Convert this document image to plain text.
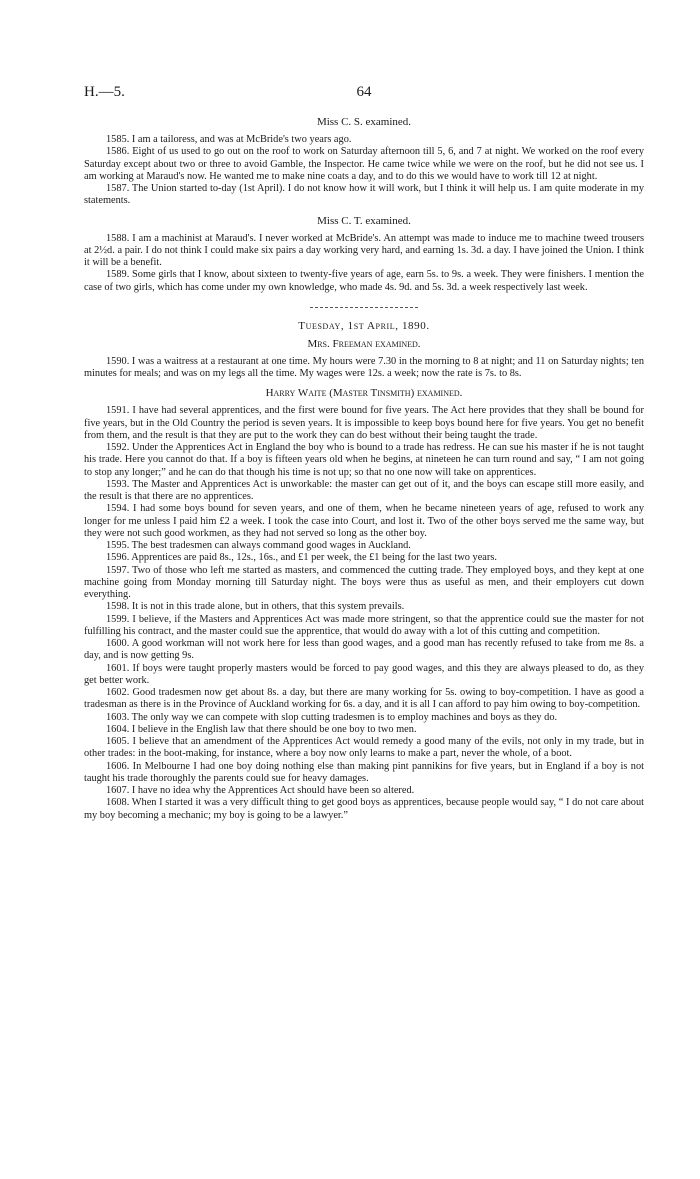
H.—5.	64
Miss C. S. examined.

1585. I am a tailoress, and was at McBride's two years ago.

1586. Eight of us used to go out on the roof to work on Saturday afternoon till 5, 6, and 7 at night. We worked on the roof every Saturday except about two or three to avoid Gamble, the Inspector. He came twice while we were on the roof, but he did not see us. I am working at Maraud's now. He wanted me to make nine coats a day, and to do this we would have to work till 12 at night.

1587. The Union started to-day (1st April). I do not know how it will work, but I think it will help us. I am quite moderate in my statements.

Miss C. T. examined.

1588. I am a machinist at Maraud's. I never worked at McBride's. An attempt was made to induce me to machine tweed trousers at 2½d. a pair. I do not think I could make six pairs a day working very hard, and earning 1s. 3d. a day. I have joined the Union. I think it will be a benefit.

1589. Some girls that I know, about sixteen to twenty-five years of age, earn 5s. to 9s. a week. They were finishers. I mention the case of two girls, which has come under my own knowledge, who made 4s. 9d. and 5s. 3d. a week respectively last week.

Tuesday, 1st April, 1890.
Mrs. Freeman examined.

1590. I was a waitress at a restaurant at one time. My hours were 7.30 in the morning to 8 at night; and 11 on Saturday nights; ten minutes for meals; and was on my legs all the time. My wages were 12s. a week; now the rate is 7s. to 8s.

Harry Waite (Master Tinsmith) examined.

1591. I have had several apprentices, and the first were bound for five years. The Act here provides that they shall be bound for five years, but in the Old Country the period is seven years. It is impossible to keep boys bound here for five years. You get no benefit from them, and the result is that they are put to the work they can do best without their being taught the trade.

1592. Under the Apprentices Act in England the boy who is bound to a trade has redress. He can sue his master if he is not taught his trade. Here you cannot do that. If a boy is fifteen years old when he begins, at nineteen he can turn round and say, “ I am not going to stop any longer;” and he can do that though his time is not up; so that no one now will take on apprentices.

1593. The Master and Apprentices Act is unworkable: the master can get out of it, and the boys can escape still more easily, and the result is that there are no apprentices.

1594. I had some boys bound for seven years, and one of them, when he became nineteen years of age, refused to work any longer for me unless I paid him £2 a week. I took the case into Court, and lost it. Two of the other boys served me the same way, but they were not such good workmen, as they had not served so long as the other boy.

1595. The best tradesmen can always command good wages in Auckland.

1596. Apprentices are paid 8s., 12s., 16s., and £1 per week, the £1 being for the last two years.

1597. Two of those who left me started as masters, and commenced the cutting trade. They employed boys, and they kept at one machine going from Monday morning till Saturday night. The boys were thus as useful as men, and their employers cut down everything.

1598. It is not in this trade alone, but in others, that this system prevails.

1599. I believe, if the Masters and Apprentices Act was made more stringent, so that the apprentice could sue the master for not fulfilling his contract, and the master could sue the apprentice, that would do away with a lot of this cutting and competition.

1600. A good workman will not work here for less than good wages, and a good man has recently refused to take from me 8s. a day, and is now getting 9s.

1601. If boys were taught properly masters would be forced to pay good wages, and this they are always pleased to do, as they get better work.

1602. Good tradesmen now get about 8s. a day, but there are many working for 5s. owing to boy-competition. I have as good a tradesman as there is in the Province of Auckland working for 6s. a day, and it is all I can afford to pay him owing to boy-competition.

1603. The only way we can compete with slop cutting tradesmen is to employ machines and boys as they do.

1604. I believe in the English law that there should be one boy to two men.

1605. I believe that an amendment of the Apprentices Act would remedy a good many of the evils, not only in my trade, but in other trades: in the boot-making, for instance, where a boy now only learns to make a part, never the whole, of a boot.

1606. In Melbourne I had one boy doing nothing else than making pint pannikins for five years, but in England if a boy is not taught his trade thoroughly the parents could sue for heavy damages.

1607. I have no idea why the Apprentices Act should have been so altered.

1608. When I started it was a very difficult thing to get good boys as apprentices, because people would say, “ I do not care about my boy becoming a mechanic; my boy is going to be a lawyer.”
